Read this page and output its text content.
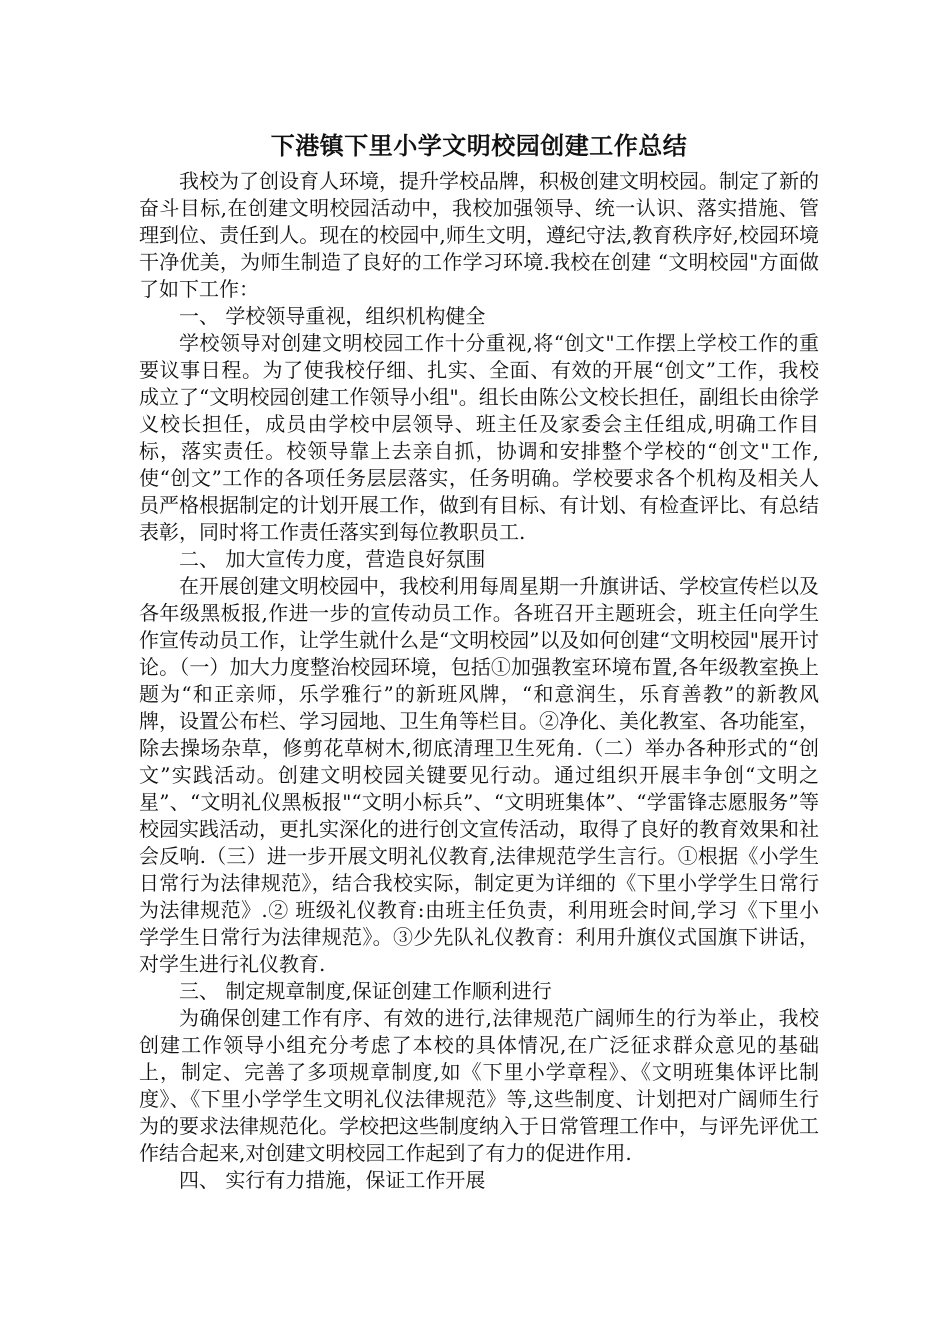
下港镇下里小学文明校园创建工作总结

我校为了创设育人环境，提升学校品牌，积极创建文明校园。制定了新的奋斗目标,在创建文明校园活动中，我校加强领导、统一认识、落实措施、管理到位、责任到人。现在的校园中,师生文明，遵纪守法,教育秩序好,校园环境干净优美，为师生制造了良好的工作学习环境.我校在创建 “文明校园"方面做了如下工作：

一、 学校领导重视，组织机构健全

学校领导对创建文明校园工作十分重视,将“创文"工作摆上学校工作的重要议事日程。为了使我校仔细、扎实、全面、有效的开展“创文”工作，我校成立了“文明校园创建工作领导小组"。组长由陈公文校长担任，副组长由徐学义校长担任，成员由学校中层领导、班主任及家委会主任组成,明确工作目标，落实责任。校领导靠上去亲自抓，协调和安排整个学校的“创文"工作,使“创文”工作的各项任务层层落实，任务明确。学校要求各个机构及相关人员严格根据制定的计划开展工作，做到有目标、有计划、有检查评比、有总结表彰，同时将工作责任落实到每位教职员工.

二、 加大宣传力度，营造良好氛围

在开展创建文明校园中，我校利用每周星期一升旗讲话、学校宣传栏以及各年级黑板报,作进一步的宣传动员工作。各班召开主题班会，班主任向学生作宣传动员工作，让学生就什么是“文明校园”以及如何创建“文明校园"展开讨论。（一）加大力度整治校园环境，包括①加强教室环境布置,各年级教室换上题为“和正亲师，乐学雅行”的新班风牌，“和意润生，乐育善教”的新教风牌，设置公布栏、学习园地、卫生角等栏目。②净化、美化教室、各功能室，除去操场杂草，修剪花草树木,彻底清理卫生死角.（二）举办各种形式的“创文”实践活动。创建文明校园关键要见行动。通过组织开展丰争创“文明之星”、“文明礼仪黑板报"“文明小标兵”、“文明班集体”、“学雷锋志愿服务”等校园实践活动，更扎实深化的进行创文宣传活动，取得了良好的教育效果和社会反响.（三）进一步开展文明礼仪教育,法律规范学生言行。①根据《小学生日常行为法律规范》，结合我校实际，制定更为详细的《下里小学学生日常行为法律规范》.② 班级礼仪教育:由班主任负责，利用班会时间,学习《下里小学学生日常行为法律规范》。③少先队礼仪教育：利用升旗仪式国旗下讲话，对学生进行礼仪教育.

三、 制定规章制度,保证创建工作顺利进行

为确保创建工作有序、有效的进行,法律规范广阔师生的行为举止，我校创建工作领导小组充分考虑了本校的具体情况,在广泛征求群众意见的基础上，制定、完善了多项规章制度,如《下里小学章程》、《文明班集体评比制度》、《下里小学学生文明礼仪法律规范》等,这些制度、计划把对广阔师生行为的要求法律规范化。学校把这些制度纳入于日常管理工作中，与评先评优工作结合起来,对创建文明校园工作起到了有力的促进作用.

四、 实行有力措施，保证工作开展
